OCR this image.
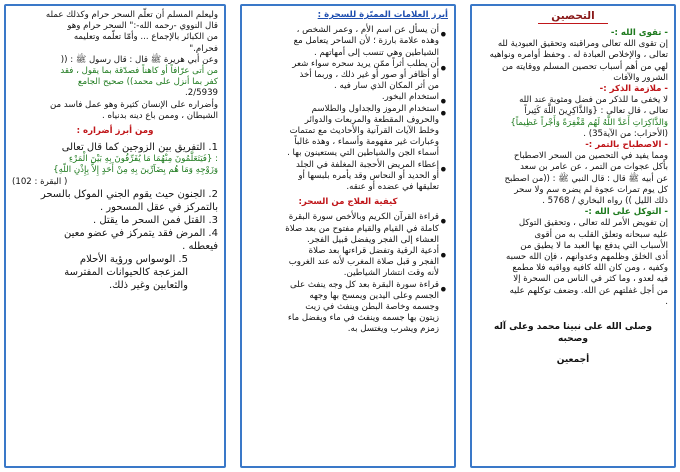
التحصين

- تقوى الله :-

إن تقوى الله تعالى ومراقبته وتحقيق العبودية لله

تعالى ، والإخلاص العبادة له . وحفظ أوامره ونواهيه

لهي من أهم أسباب تحصين المسلم ووقايته من

الشرور والآفات

- ملازمة الذكر :-

لا يخفى ما للذكر من فضل ومثوبة عند الله

تعالى ، قال تعالى : {وَالذَّاكِرِينَ اللَّهَ كَثِيراً

وَالذَّاكِرَاتِ أَعَدَّ اللَّهُ لَهُم مَّغْفِرَةً وَأَجْراً عَظِيماً}

(الأحزاب: من الآية35) .

- الاصطباح بالتمر :-

ومما يفيد في التحصين من السحر الاصطباح

بأكل عجوات من التمر ، عن عامر بن سعد

عن أبيه ﷺ قال : قال النبي ﷺ : ((من اصطبح

كل يوم تمرات عجوة لم يضره سم ولا سحر

ذلك الليل )) رواه البخاري / 5768 .

- التوكل على الله :-

إن تفويض الأمر لله تعالى ، وتحقيق التوكل

عليه سبحانه وتعلق القلب به من أقوى

الأسباب التي يدفع بها العبد ما لا يطيق من

أذى الخلق وظلمهم وعدوانهم ، فإن الله حسبه

وكفيه ، ومن كان الله كافيه وواقيه فلا مطمع

فيه لعدو ، وما كثر في الناس من السحرة إلا

من أجل غفلتهم عن الله. وضعف توكلهم عليه

.

وصلى الله على نبينا محمد وعلى آله وصحبه

أجمعين

أبرز العلامات المميّزة للسحرة :

• أن يسأل عن اسم الأم ، وعمر الشخص ،

وهذه علامة بارزة ؛ لأن الساحر يتعامل مع

الشياطين وهي تنسب إلى أمهاتهم .

• أن يطلب أثراً ممّن يريد سحره سواء شعر

أو أظافر أو صور أو غير ذلك ، وربما أخذ

من أثر المكان الذي سار فيه .

• استخدام البخور.

• استخدام الرموز والجداول والطلاسم

والحروف المقطعة والمربعات والدوائر

وخلط الآيات القرآنية والأحاديث مع تمتمات

وعبارات غير مفهومة وأسماء ، وهذه غالباً

أسماء الجن والشياطين التي يستعينون بها .

• إعطاء المريض الأحجبة المغلفة في الجلد

أو الحديد أو النحاس وقد يأمره بلبسها أو

تعليقها في عضده أو عنقه.

كيفية العلاج من السحر:

• قراءة القرآن الكريم وبالأخص سورة البقرة

كاملة في القيام والقيام مفتوح من بعد صلاة

العشاء إلى الفجر ويفضل قبيل الفجر.

• أدعية الرقية وتفضل قراءتها بعد صلاة

الفجر و قبل صلاة المغرب لأنه عند الغروب

لأنه وقت انتشار الشياطين.

• قراءة سورة البقرة بعد كل وجه ينفث على

الجسم وعلى اليدين ويمسح بها وجهه

وجسمه وخاصة البطن وينفث في زيت

زيتون بها جسمه وينفث في ماء ويفضل ماء

زمزم ويشرب ويغتسل به.

وليعلم المسلم أن تعلّم السحر حرام وكذلك عمله

قال النووي -رحمه الله-:" السحر حرام وهو

من الكبائر بالإجماع ... وأمّا تعلّمه وتعليمه

فحرام."

وعن أبي هريرة ﷺ قال : قال رسول ﷺ : ((

من أتى عرّافاً أو كاهناً فصدّقة بما يقول ، فقد

كفر بما أنزل على محمد)) صحيح الجامع

2/5939.

وأضراره على الإنسان كثيرة وهو عمل فاسد من

الشيطان ، وممن باع دينه بدنياه .

ومن أبرز أضراره :

1. التفريق بين الزوجين كما قال تعالى

: {فَيَتَعَلَّمُونَ مِنْهُمَا مَا يُفَرِّقُونَ بِهِ بَيْنَ الْمَرْءِ

وَزَوْجِهِ وَمَا هُم بِضَآرِّينَ بِهِ مِنْ أَحَدٍ إِلاَّ بِإِذْنِ اللّهِ}

( البقرة : 102)

2. الجنون حيث يقوم الجني الموكل بالسحر

بالتمركز في عقل المسحور .

3. القتل فمن السحر ما يقتل .

4. المرض فقد يتمركز في عضو معين

فيعطله .

5. الوسواس ورؤية الأحلام

المزعجة كالحيوانات المفترسة

والثعابين وغير ذلك.
